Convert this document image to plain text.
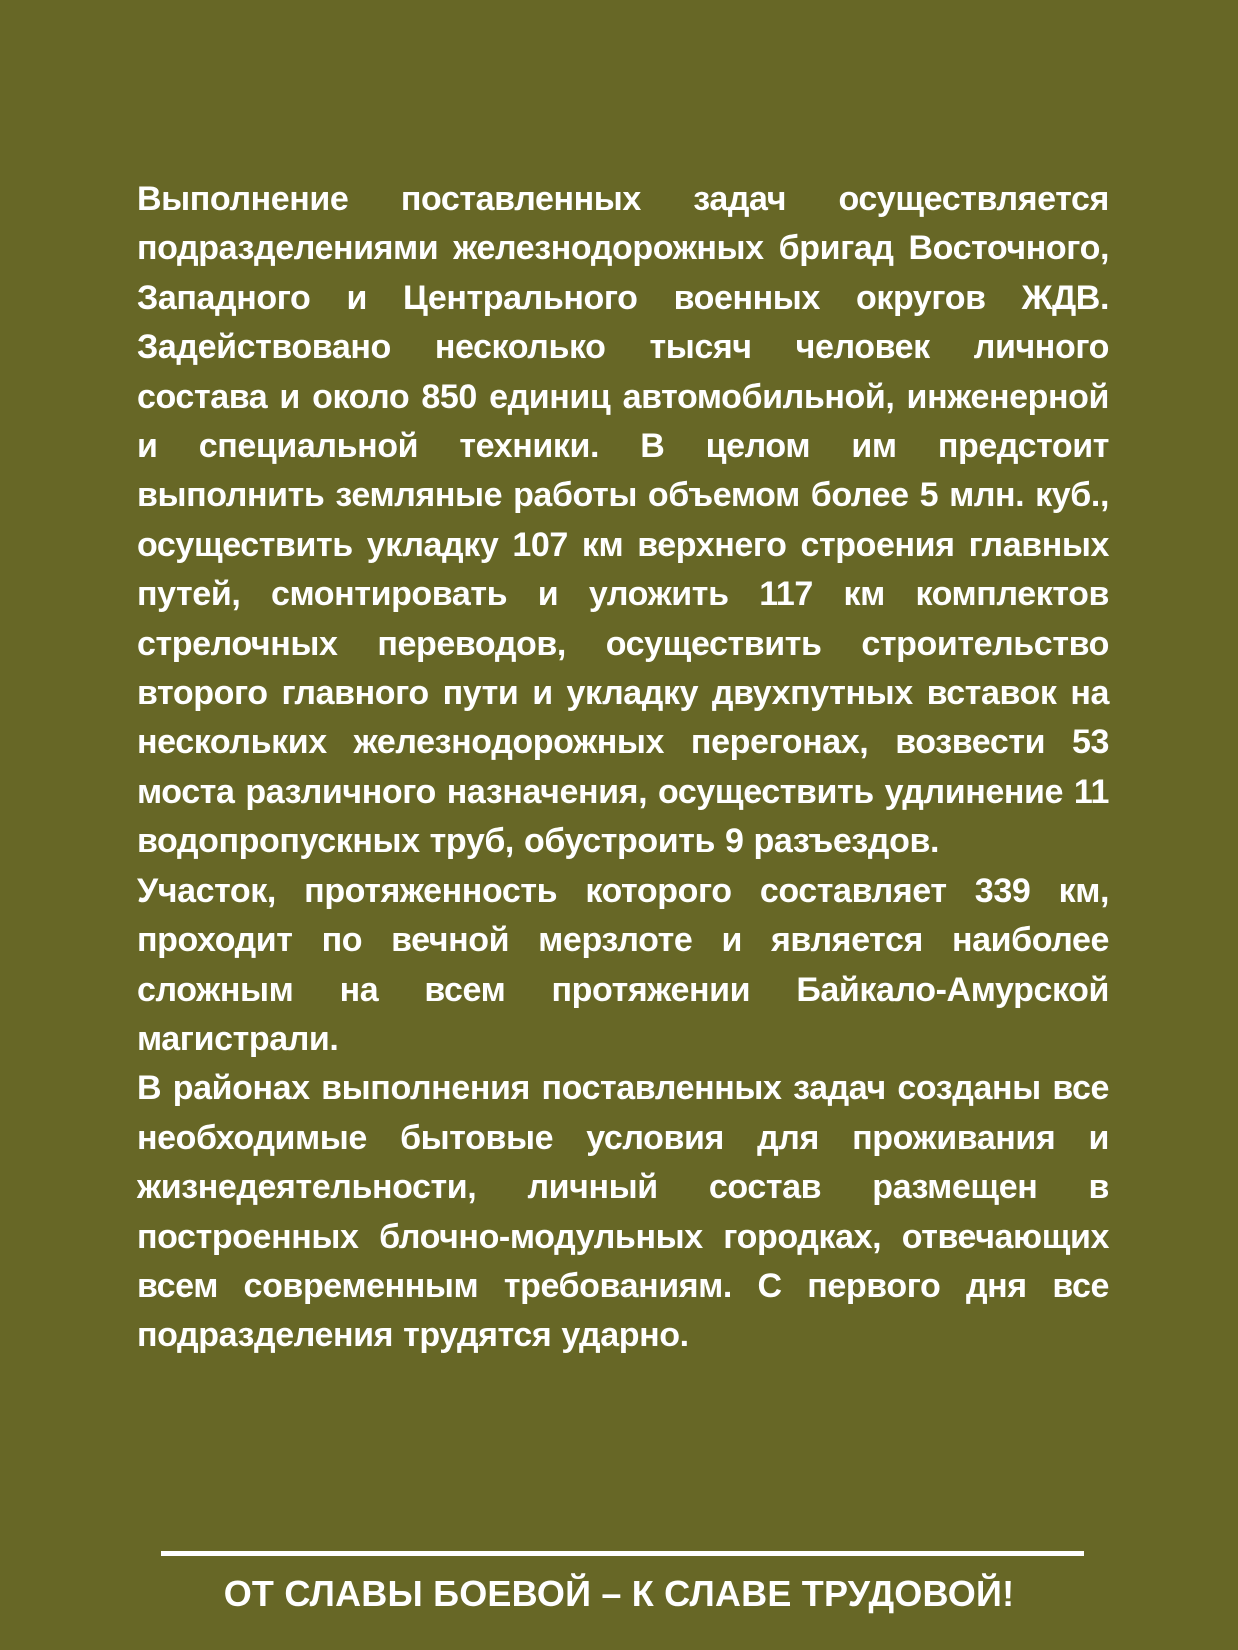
Выполнение поставленных задач осуществляется подразделениями железнодорожных бригад Восточного, Западного и Центрального военных округов ЖДВ. Задействовано несколько тысяч человек личного состава и около 850 единиц автомобильной, инженерной и специальной техники. В целом им предстоит выполнить земляные работы объемом более 5 млн. куб., осуществить укладку 107 км верхнего строения главных путей, смонтировать и уложить 117 км комплектов стрелочных переводов, осуществить строительство второго главного пути и укладку двухпутных вставок на нескольких железнодорожных перегонах, возвести 53 моста различного назначения, осуществить удлинение 11 водопропускных труб, обустроить 9 разъездов.

Участок, протяженность которого составляет 339 км, проходит по вечной мерзлоте и является наиболее сложным на всем протяжении Байкало-Амурской магистрали.

В районах выполнения поставленных задач созданы все необходимые бытовые условия для проживания и жизнедеятельности, личный состав размещен в построенных блочно-модульных городках, отвечающих всем современным требованиям. С первого дня все подразделения трудятся ударно.

ОТ СЛАВЫ БОЕВОЙ – К СЛАВЕ ТРУДОВОЙ!
